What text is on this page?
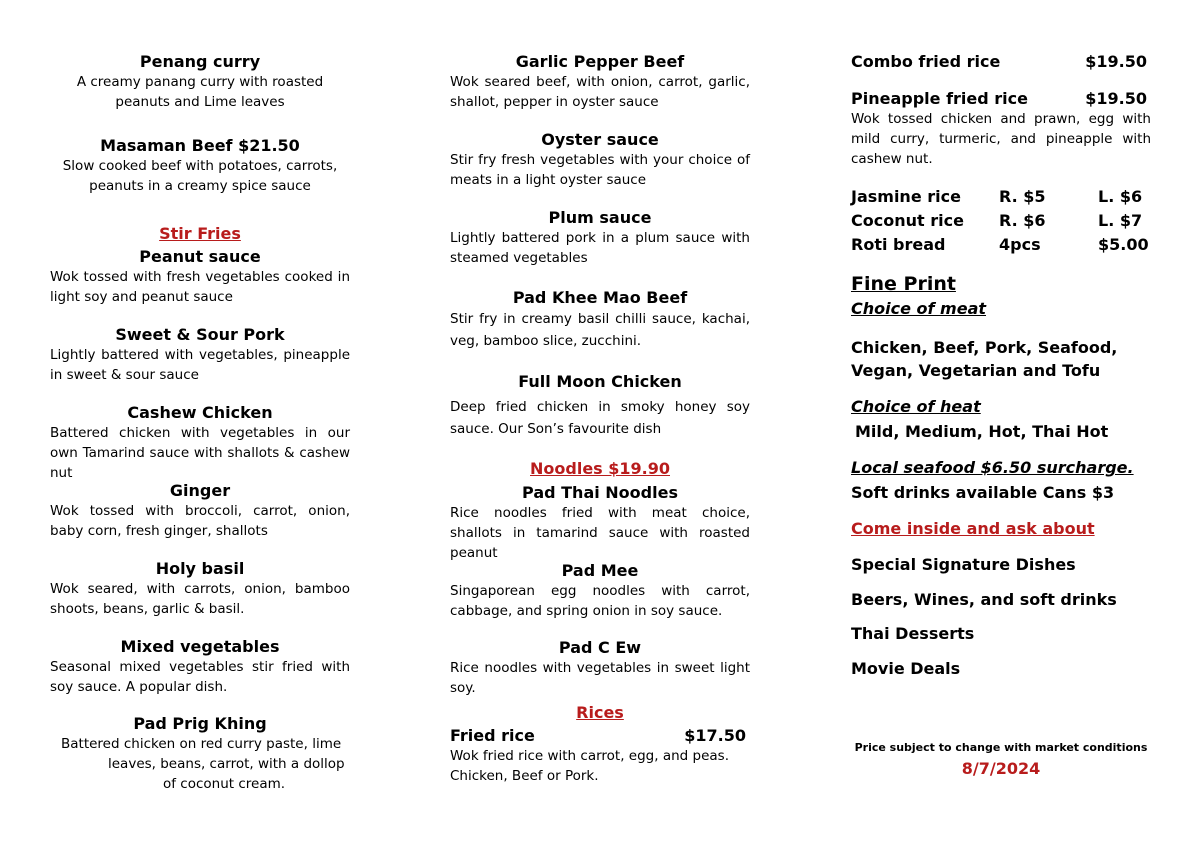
Penang curry
A creamy panang curry with roasted peanuts and Lime leaves
Masaman Beef $21.50
Slow cooked beef with potatoes, carrots, peanuts in a creamy spice sauce
Stir Fries
Peanut sauce
Wok tossed with fresh vegetables cooked in light soy and peanut sauce
Sweet & Sour Pork
Lightly battered with vegetables, pineapple in sweet & sour sauce
Cashew Chicken
Battered chicken with vegetables in our own Tamarind sauce with shallots & cashew nut
Ginger
Wok tossed with broccoli, carrot, onion, baby corn, fresh ginger, shallots
Holy basil
Wok seared, with carrots, onion, bamboo shoots, beans, garlic & basil.
Mixed vegetables
Seasonal mixed vegetables stir fried with soy sauce. A popular dish.
Pad Prig Khing
Battered chicken on red curry paste, lime
leaves, beans, carrot, with a dollop
of coconut cream.
Garlic Pepper Beef
Wok seared beef, with onion, carrot, garlic, shallot, pepper in oyster sauce
Oyster sauce
Stir fry fresh vegetables with your choice of meats in a light oyster sauce
Plum sauce
Lightly battered pork in a plum sauce with steamed vegetables
Pad Khee Mao Beef
Stir fry in creamy basil chilli sauce, kachai, veg, bamboo slice, zucchini.
Full Moon Chicken
Deep fried chicken in smoky honey soy sauce. Our Son’s favourite dish
Noodles $19.90
Pad Thai Noodles
Rice noodles fried with meat choice, shallots in tamarind sauce with roasted peanut
Pad Mee
Singaporean egg noodles with carrot, cabbage, and spring onion in soy sauce.
Pad C Ew
Rice noodles with vegetables in sweet light soy.
Rices
Fried rice	$17.50
Wok fried rice with carrot, egg, and peas. Chicken, Beef or Pork.
Combo fried rice	$19.50
Pineapple fried rice	$19.50
Wok tossed chicken and prawn, egg with mild curry, turmeric, and pineapple with cashew nut.
Jasmine rice	R. $5	L. $6
Coconut rice	R. $6	L. $7
Roti bread	4pcs	$5.00
Fine Print
Choice of meat
Chicken, Beef, Pork, Seafood, Vegan, Vegetarian and Tofu
Choice of heat
Mild, Medium, Hot, Thai Hot
Local seafood $6.50 surcharge.
Soft drinks available Cans $3
Come inside and ask about
Special Signature Dishes
Beers, Wines, and soft drinks
Thai Desserts
Movie Deals
Price subject to change with market conditions
8/7/2024
